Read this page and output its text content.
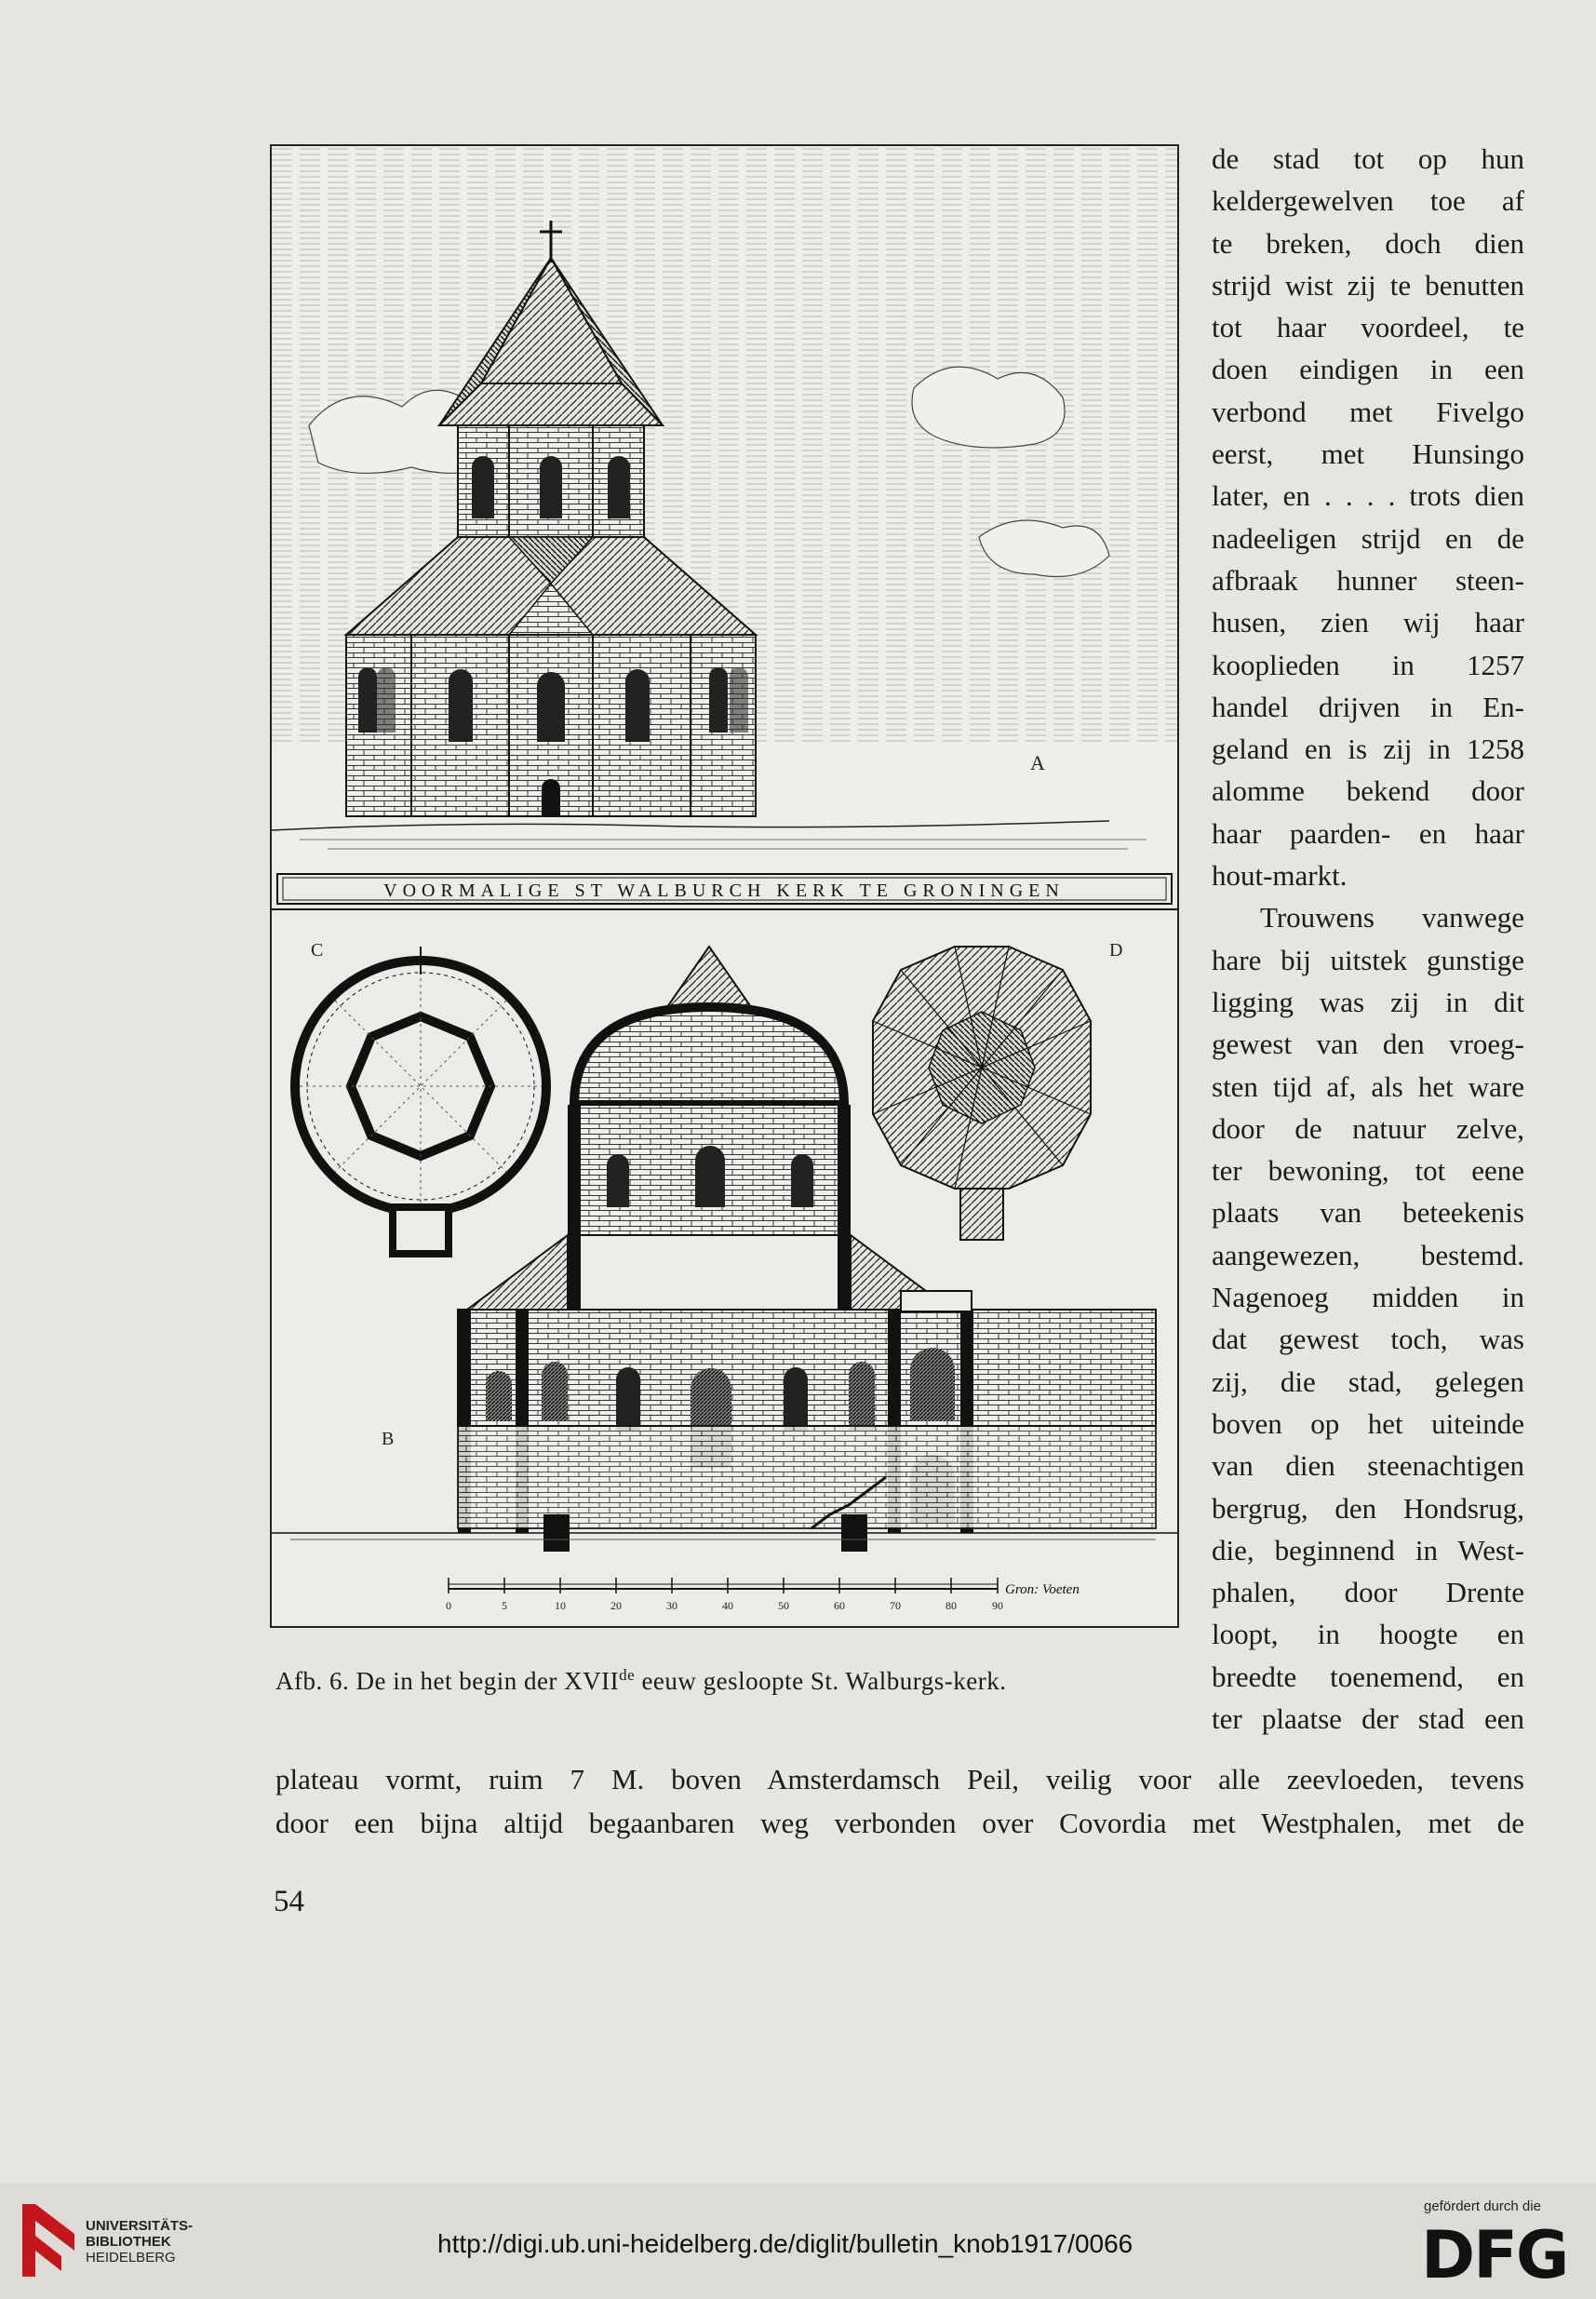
A
VOORMALIGE ST WALBURCH KERK TE GRONINGEN
C	D
B
Gron: Voeten
0	5	10	20	30	40	50	60	70	80	90
Afb. 6. De in het begin der XVIIde eeuw gesloopte St. Walburgs-kerk.
de stad tot op hun
keldergewelven toe af
te breken, doch dien
strijd wist zij te benutten
tot haar voordeel, te
doen eindigen in een
verbond met Fivelgo
eerst, met Hunsingo
later, en . . . . trots dien
nadeeligen strijd en de
afbraak hunner steen-
husen, zien wij haar
kooplieden in 1257
handel drijven in En-
geland en is zij in 1258
alomme bekend door
haar paarden- en haar
hout-markt.
Trouwens vanwege
hare bij uitstek gunstige
ligging was zij in dit
gewest van den vroeg-
sten tijd af, als het ware
door de natuur zelve,
ter bewoning, tot eene
plaats van beteekenis
aangewezen, bestemd.
Nagenoeg midden in
dat gewest toch, was
zij, die stad, gelegen
boven op het uiteinde
van dien steenachtigen
bergrug, den Hondsrug,
die, beginnend in West-
phalen, door Drente
loopt, in hoogte en
breedte toenemend, en
ter plaatse der stad een
plateau vormt, ruim 7 M. boven Amsterdamsch Peil, veilig voor alle zeevloeden, tevens
door een bijna altijd begaanbaren weg verbonden over Covordia met Westphalen, met de
54
UNIVERSITÄTS-
BIBLIOTHEK
HEIDELBERG	http://digi.ub.uni-heidelberg.de/diglit/bulletin_knob1917/0066
gefördert durch die
DFG
